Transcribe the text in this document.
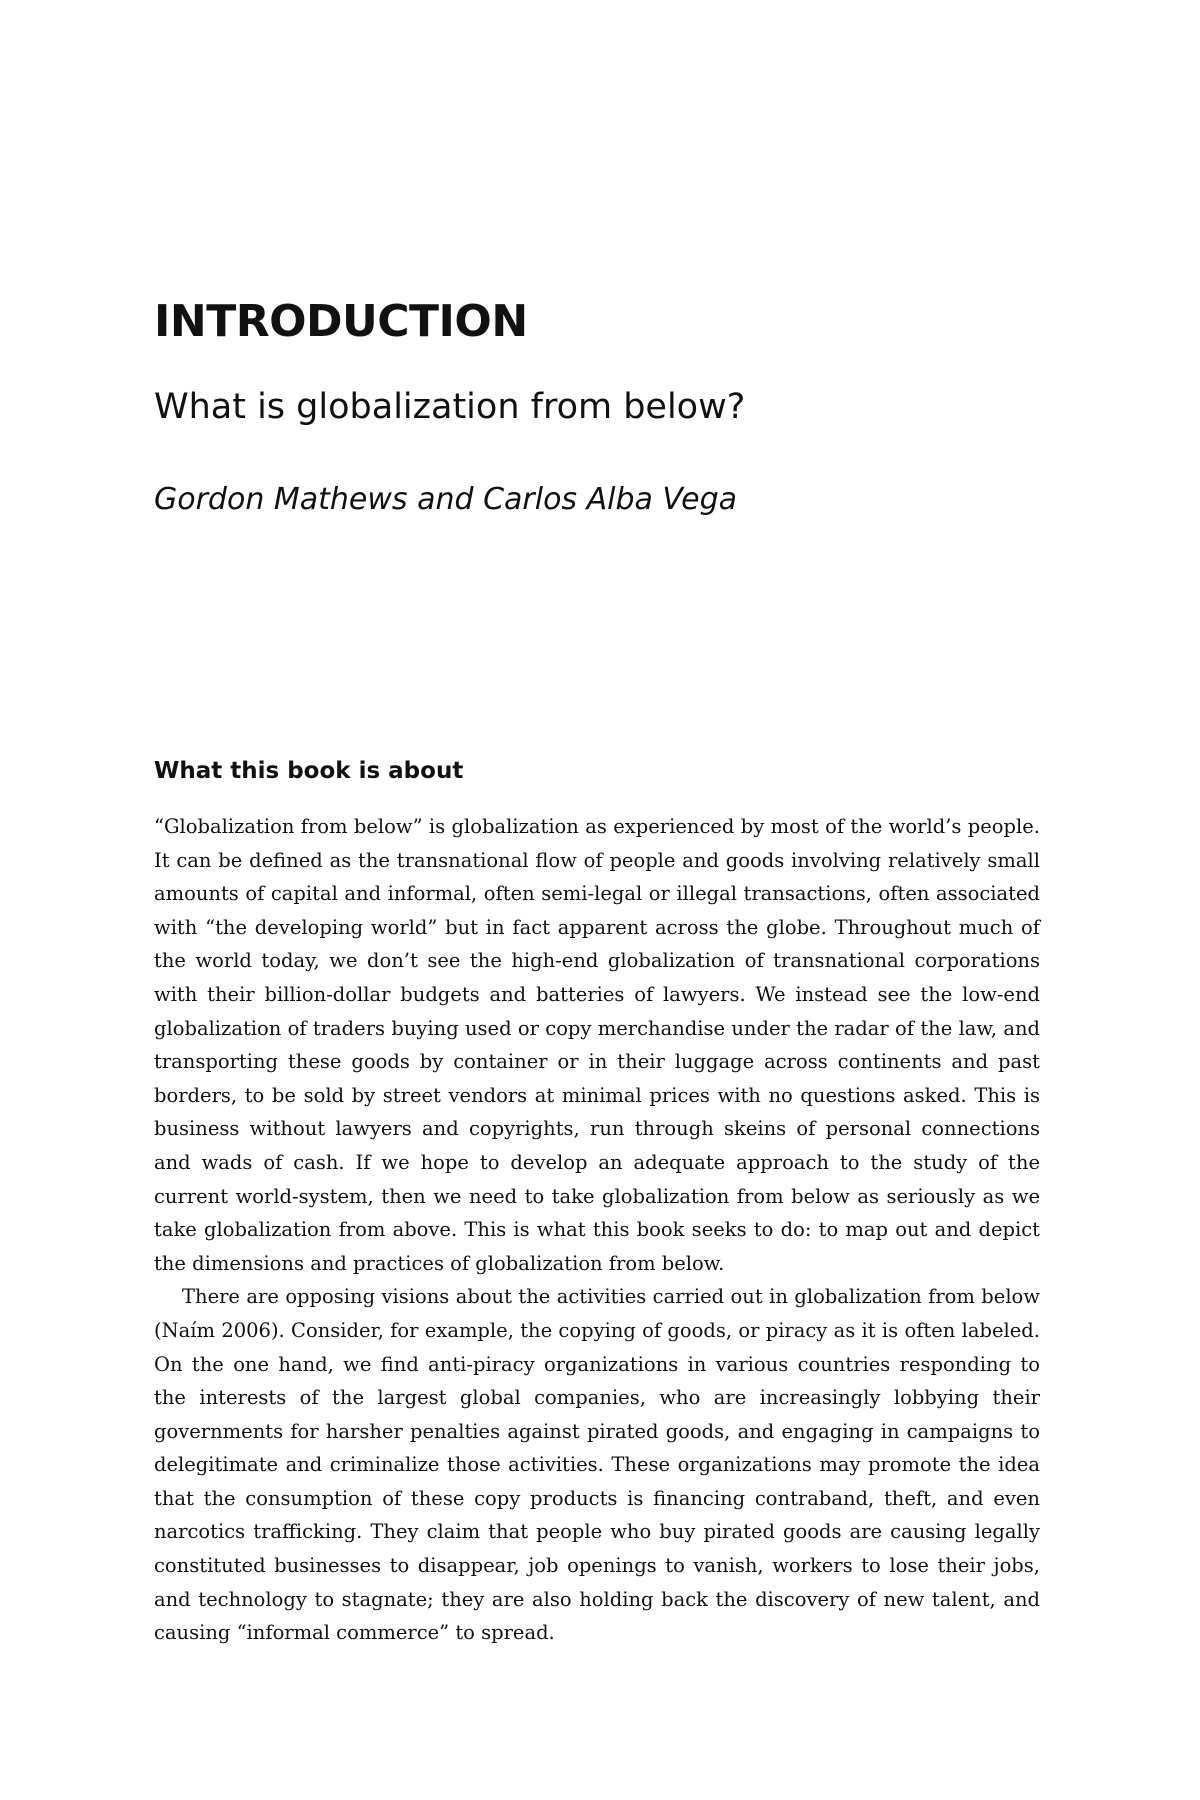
INTRODUCTION
What is globalization from below?
Gordon Mathews and Carlos Alba Vega
What this book is about

“Globalization from below” is globalization as experienced by most of the world’s people. It can be defined as the transnational flow of people and goods involving relatively small amounts of capital and informal, often semi-legal or illegal transactions, often associated with “the developing world” but in fact apparent across the globe. Throughout much of the world today, we don’t see the high-end globalization of transnational corporations with their billion-dollar budgets and batteries of lawyers. We instead see the low-end globalization of traders buying used or copy merchandise under the radar of the law, and transporting these goods by container or in their luggage across continents and past borders, to be sold by street vendors at minimal prices with no questions asked. This is business without lawyers and copyrights, run through skeins of personal connections and wads of cash. If we hope to develop an adequate approach to the study of the current world-system, then we need to take globalization from below as seriously as we take globalization from above. This is what this book seeks to do: to map out and depict the dimensions and practices of globalization from below.

There are opposing visions about the activities carried out in globalization from below (Naím 2006). Consider, for example, the copying of goods, or piracy as it is often labeled. On the one hand, we find anti-piracy organizations in various countries responding to the interests of the largest global companies, who are increasingly lobbying their governments for harsher penalties against pirated goods, and engaging in campaigns to delegitimate and criminalize those activities. These organizations may promote the idea that the consumption of these copy products is financing contraband, theft, and even narcotics trafficking. They claim that people who buy pirated goods are causing legally constituted businesses to disappear, job openings to vanish, workers to lose their jobs, and technology to stagnate; they are also holding back the discovery of new talent, and causing “informal commerce” to spread.
